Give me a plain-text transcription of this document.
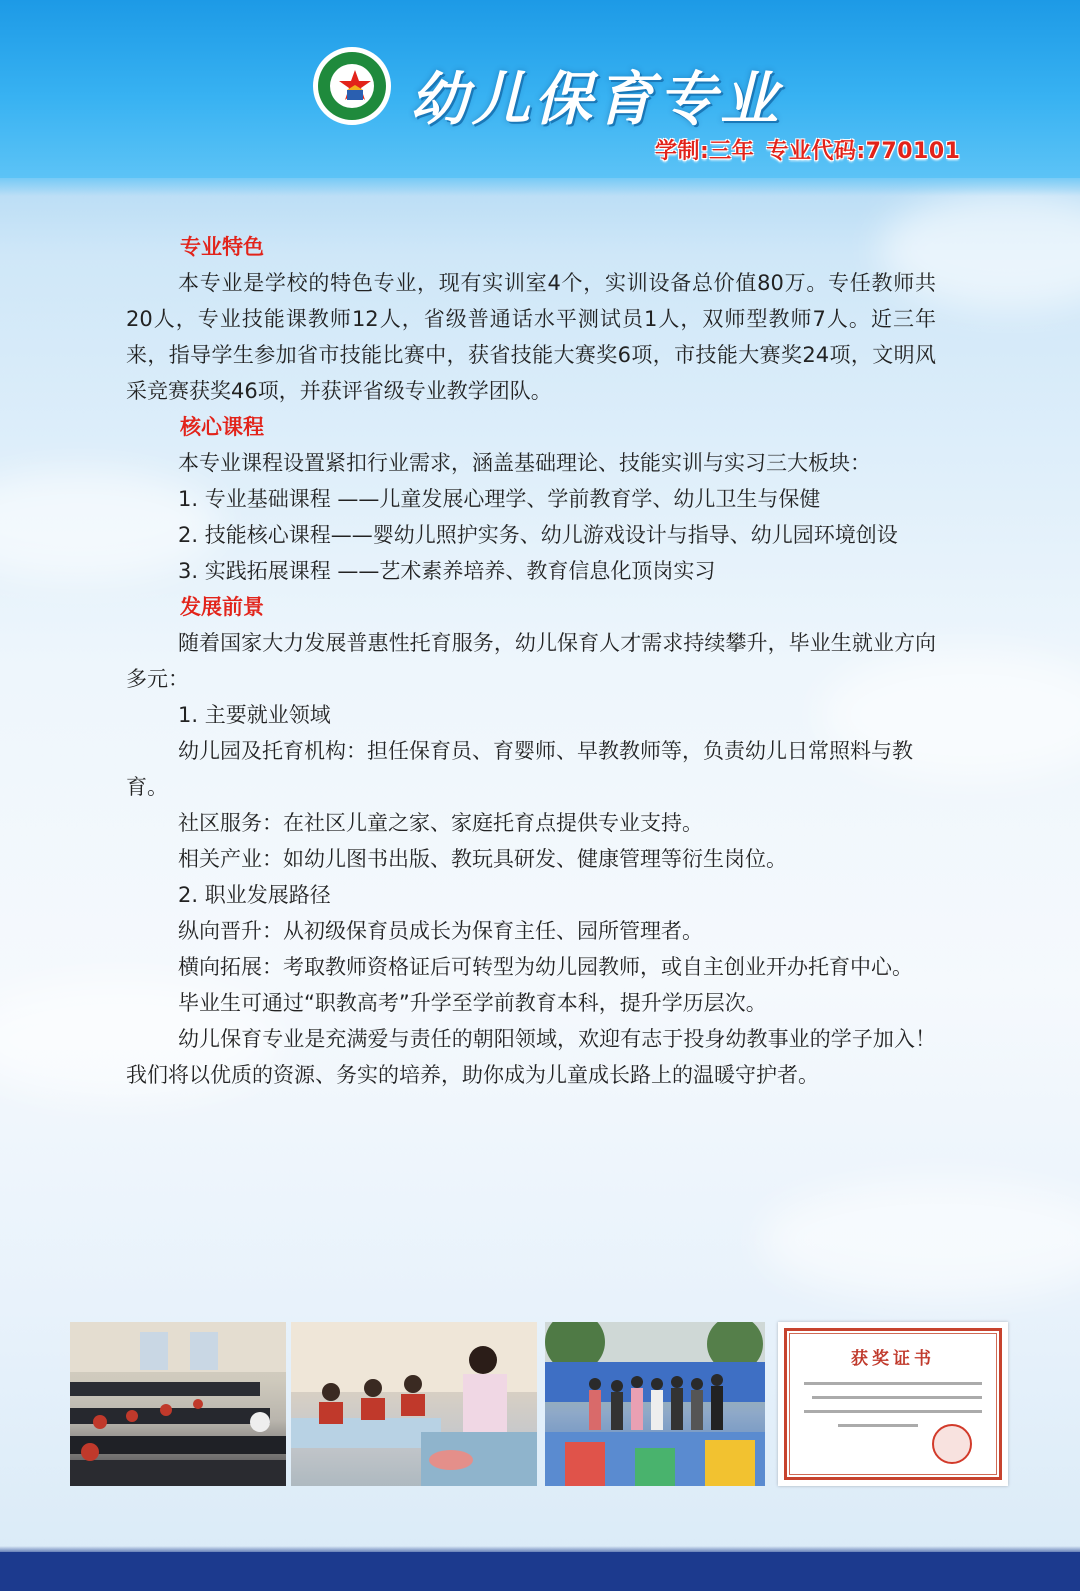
幼儿保育专业
学制:三年 专业代码:770101
专业特色

本专业是学校的特色专业，现有实训室4个，实训设备总价值80万。专任教师共20人，专业技能课教师12人，省级普通话水平测试员1人，双师型教师7人。近三年来，指导学生参加省市技能比赛中，获省技能大赛奖6项，市技能大赛奖24项，文明风采竞赛获奖46项，并获评省级专业教学团队。

核心课程

本专业课程设置紧扣行业需求，涵盖基础理论、技能实训与实习三大板块：

1. 专业基础课程 ——儿童发展心理学、学前教育学、幼儿卫生与保健

2. 技能核心课程——婴幼儿照护实务、幼儿游戏设计与指导、幼儿园环境创设

3. 实践拓展课程 ——艺术素养培养、教育信息化顶岗实习

发展前景

随着国家大力发展普惠性托育服务，幼儿保育人才需求持续攀升，毕业生就业方向多元：

1. 主要就业领域

幼儿园及托育机构：担任保育员、育婴师、早教教师等，负责幼儿日常照料与教育。

社区服务：在社区儿童之家、家庭托育点提供专业支持。

相关产业：如幼儿图书出版、教玩具研发、健康管理等衍生岗位。

2. 职业发展路径

纵向晋升：从初级保育员成长为保育主任、园所管理者。

横向拓展：考取教师资格证后可转型为幼儿园教师，或自主创业开办托育中心。

毕业生可通过“职教高考”升学至学前教育本科，提升学历层次。

幼儿保育专业是充满爱与责任的朝阳领域，欢迎有志于投身幼教事业的学子加入！我们将以优质的资源、务实的培养，助你成为儿童成长路上的温暖守护者。

获奖证书
